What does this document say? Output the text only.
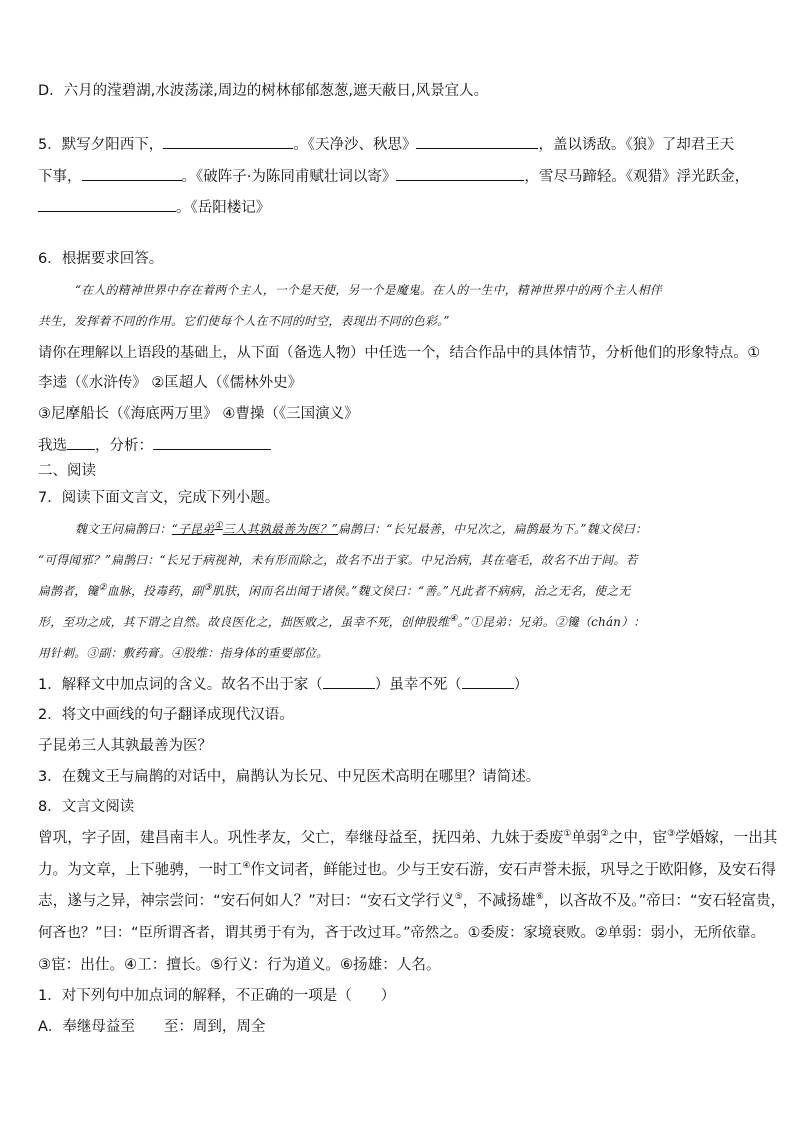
D．六月的滢碧湖,水波荡漾,周边的树林郁郁葱葱,遮天蔽日,风景宜人。
5．默写夕阳西下，	。《天净沙、秋思》	，盖以诱敌。《狼》了却君王天
下事，	。《破阵子·为陈同甫赋壮词以寄》	，雪尽马蹄轻。《观猎》浮光跃金，
。《岳阳楼记》
6．根据要求回答。
“在人的精神世界中存在着两个主人，一个是天使，另一个是魔鬼。在人的一生中，精神世界中的两个主人相伴
共生，发挥着不同的作用。它们使每个人在不同的时空，表现出不同的色彩。”
请你在理解以上语段的基础上，从下面（备选人物）中任选一个，结合作品中的具体情节，分析他们的形象特点。①
李逵（《水浒传》 ②匡超人（《儒林外史》
③尼摩船长（《海底两万里》 ④曹操（《三国演义》
我选 ，分析：
二、阅读
7．阅读下面文言文，完成下列小题。
魏文王问扁鹊曰：“子昆弟①三人其孰最善为医？”扁鹊曰：“长兄最善，中兄次之，扁鹊最为下。”魏文侯曰：
“可得闻邪？”扁鹊曰：“长兄于病视神，未有形而除之，故名不出于家。中兄治病，其在毫毛，故名不出于闾。若
扁鹊者，镵②血脉，投毒药，副③肌肤，闲而名出闻于诸侯。”魏文侯曰：“善。”凡此者不病病，治之无名，使之无
形，至功之成，其下谓之自然。故良医化之，拙医败之，虽幸不死，创伸股维④。”①昆弟：兄弟。②镵（chán）：
用针刺。③副：敷药膏。④股维：指身体的重要部位。
1．解释文中加点词的含义。故名不出于家（	）虽幸不死（	）
2．将文中画线的句子翻译成现代汉语。
子昆弟三人其孰最善为医？
3．在魏文王与扁鹊的对话中，扁鹊认为长兄、中兄医术高明在哪里？请简述。
8．文言文阅读
曾巩，字子固，建昌南丰人。巩性孝友，父亡，奉继母益至，抚四弟、九妹于委废①单弱②之中，宦③学婚嫁，一出其
力。为文章，上下驰骋，一时工④作文词者，鲜能过也。少与王安石游，安石声誉未振，巩导之于欧阳修，及安石得
志，遂与之异，神宗尝问：“安石何如人？”对曰：“安石文学行义⑤，不减扬雄⑥，以吝故不及。”帝曰：“安石轻富贵，
何吝也？”曰：“臣所谓吝者，谓其勇于有为，吝于改过耳。”帝然之。①委废：家境衰败。②单弱：弱小，无所依靠。
③宦：出仕。④工：擅长。⑤行义：行为道义。⑥扬雄：人名。
1．对下列句中加点词的解释，不正确的一项是（　　）
A．奉继母益至　　至：周到，周全
